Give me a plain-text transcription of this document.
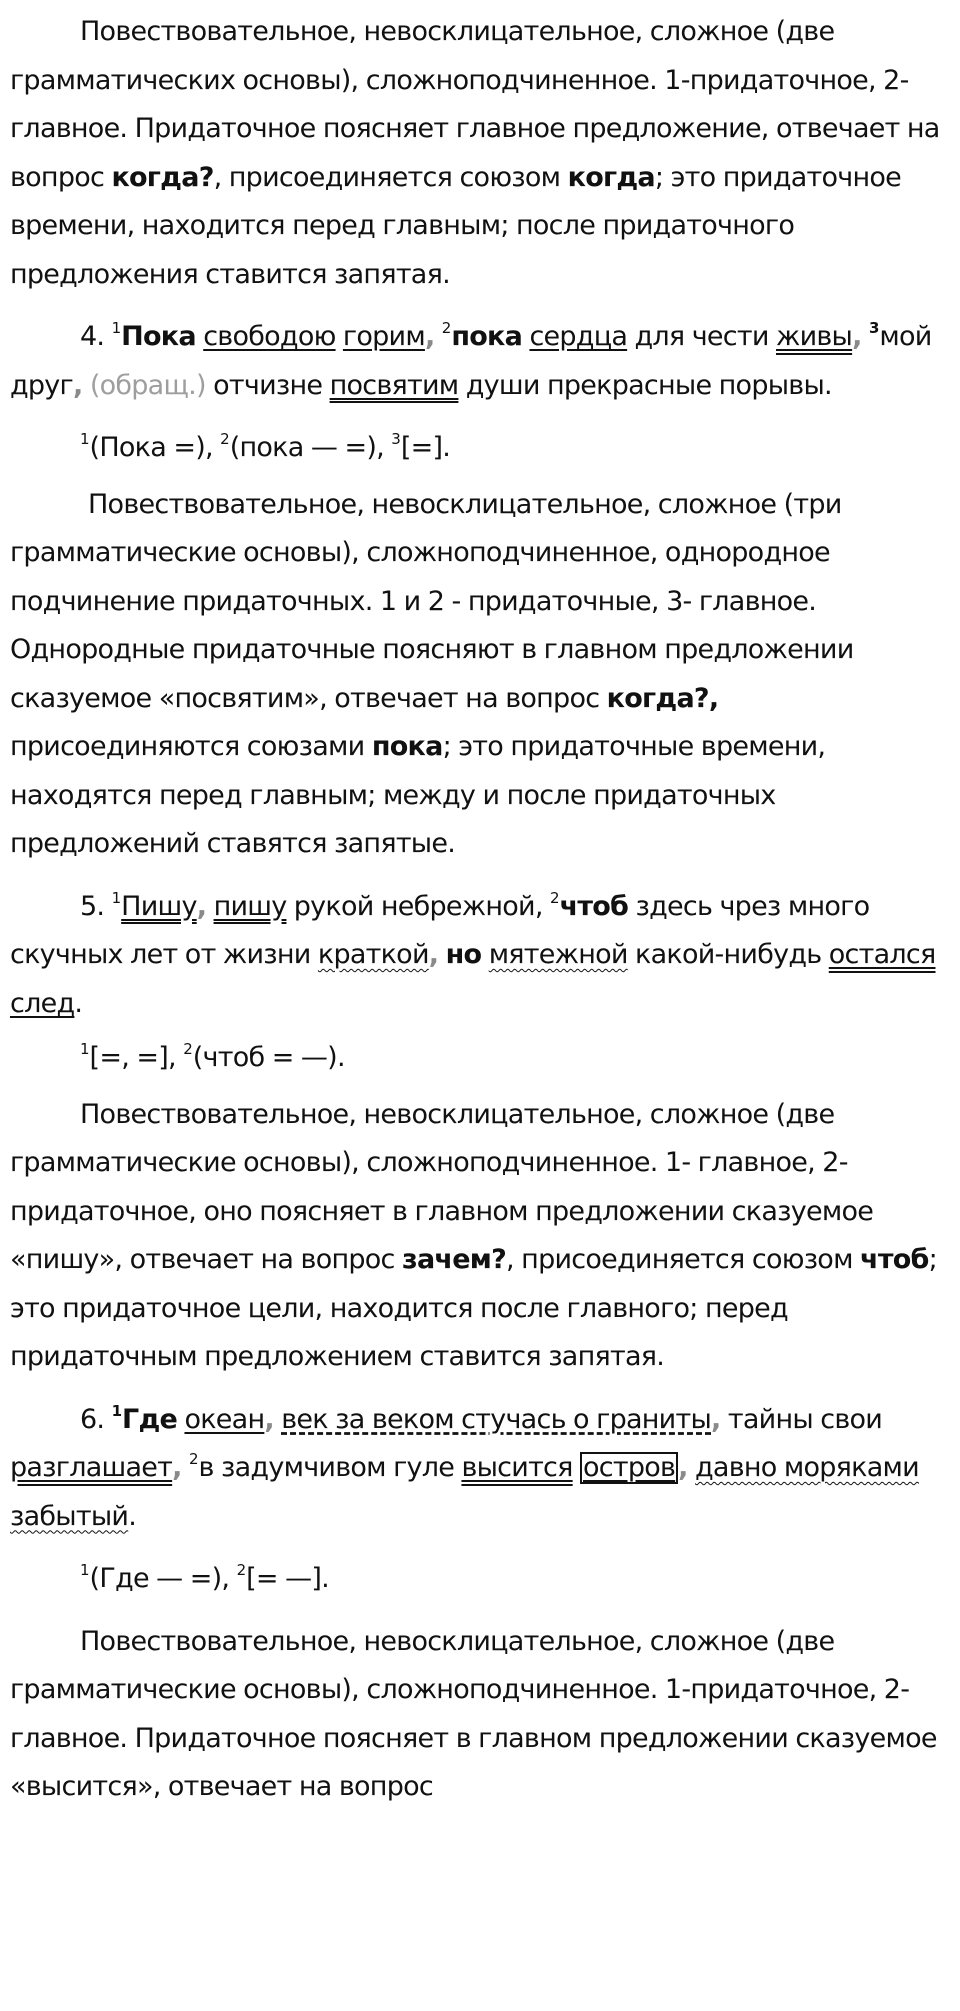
Повествовательное, невосклицательное, сложное (две грамматических основы), сложноподчиненное. 1-придаточное, 2- главное. Придаточное поясняет главное предложение, отвечает на вопрос когда?, присоединяется союзом когда; это придаточное времени, находится перед главным; после придаточного предложения ставится запятая.

4. $^1$Пока свободою горим, $^2$пока сердца для чести живы, $^3$мой друг, (обращ.) отчизне посвятим души прекрасные порывы.

$^1$(Пока =), $^2$(пока — =), $^3$[=].

Повествовательное, невосклицательное, сложное (три грамматические основы), сложноподчиненное, однородное подчинение придаточных. 1 и 2 - придаточные, 3- главное. Однородные придаточные поясняют в главном предложении сказуемое «посвятим», отвечает на вопрос когда?, присоединяются союзами пока; это придаточные времени, находятся перед главным; между и после придаточных предложений ставятся запятые.

5. $^1$Пишу, пишу рукой небрежной, $^2$чтоб здесь чрез много скучных лет от жизни краткой, но мятежной какой-нибудь остался след.

$^1$[=, =], $^2$(чтоб = —).

Повествовательное, невосклицательное, сложное (две грамматические основы), сложноподчиненное. 1- главное, 2- придаточное, оно поясняет в главном предложении сказуемое «пишу», отвечает на вопрос зачем?, присоединяется союзом чтоб; это придаточное цели, находится после главного; перед придаточным предложением ставится запятая.

6. $^1$Где океан, век за веком стучась о граниты, тайны свои разглашает, $^2$в задумчивом гуле высится остров , давно моряками забытый.

$^1$(Где — =), $^2$[= —].

Повествовательное, невосклицательное, сложное (две грамматические основы), сложноподчиненное. 1-придаточное, 2- главное. Придаточное поясняет в главном предложении сказуемое «высится», отвечает на вопрос
